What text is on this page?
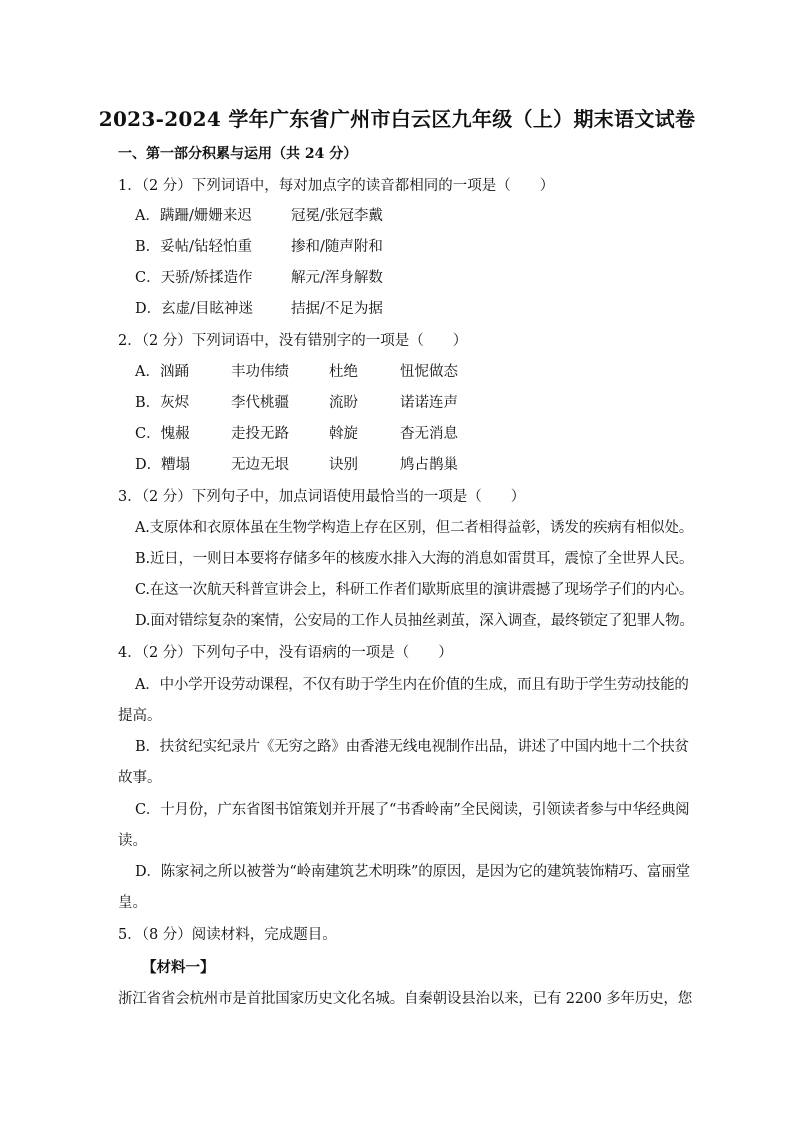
2023-2024 学年广东省广州市白云区九年级（上）期末语文试卷
一、第一部分积累与运用（共 24 分）
1．（2 分）下列词语中，每对加点字的读音都相同的一项是（　　）
A．蹒跚/姗姗来迟	冠冕/张冠李戴
B．妥帖/钻轻怕重	掺和/随声附和
C．天骄/矫揉造作	解元/浑身解数
D．玄虚/目眩神迷	拮据/不足为据
2．（2 分）下列词语中，没有错别字的一项是（　　）
A．汹踊	丰功伟绩	杜绝	忸怩做态
B．灰烬	李代桃疆	流盼	诺诺连声
C．愧赧	走投无路	斡旋	杳无消息
D．糟塌	无边无垠	诀别	鸠占鹊巢
3．（2 分）下列句子中，加点词语使用最恰当的一项是（　　）
A.支原体和衣原体虽在生物学构造上存在区别，但二者相得益彰，诱发的疾病有相似处。
B.近日，一则日本要将存储多年的核废水排入大海的消息如雷贯耳，震惊了全世界人民。
C.在这一次航天科普宣讲会上，科研工作者们歇斯底里的演讲震撼了现场学子们的内心。
D.面对错综复杂的案情，公安局的工作人员抽丝剥茧，深入调查，最终锁定了犯罪人物。
4．（2 分）下列句子中，没有语病的一项是（　　）
A．中小学开设劳动课程，不仅有助于学生内在价值的生成，而且有助于学生劳动技能的
提高。
B．扶贫纪实纪录片《无穷之路》由香港无线电视制作出品，讲述了中国内地十二个扶贫
故事。
C．十月份，广东省图书馆策划并开展了“书香岭南”全民阅读，引领读者参与中华经典阅
读。
D．陈家祠之所以被誉为“岭南建筑艺术明珠”的原因，是因为它的建筑装饰精巧、富丽堂
皇。
5．（8 分）阅读材料，完成题目。
【材料一】
浙江省省会杭州市是首批国家历史文化名城。自秦朝设县治以来，已有 2200 多年历史，您
